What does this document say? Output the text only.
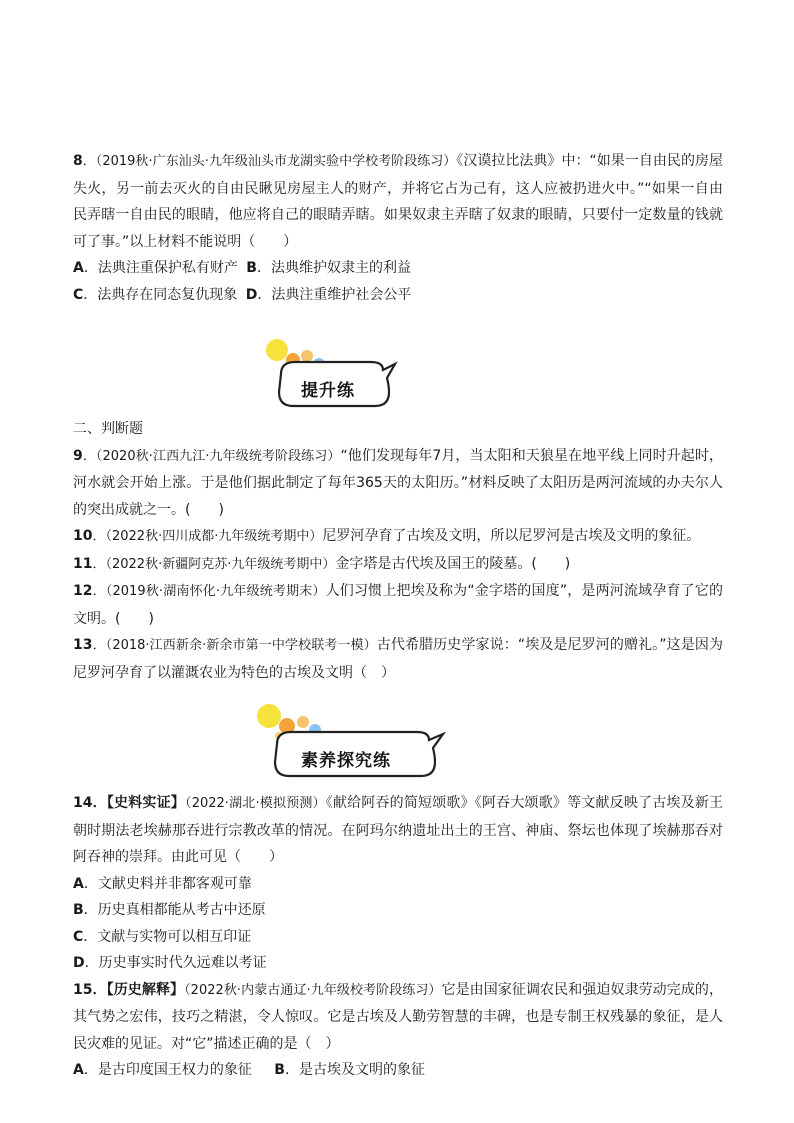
8．（2019秋·广东汕头·九年级汕头市龙湖实验中学校考阶段练习）《汉谟拉比法典》中：“如果一自由民的房屋失火，另一前去灭火的自由民瞅见房屋主人的财产，并将它占为己有，这人应被扔进火中。”“如果一自由民弄瞎一自由民的眼睛，他应将自己的眼睛弄瞎。如果奴隶主弄瞎了奴隶的眼睛，只要付一定数量的钱就可了事。”以上材料不能说明（　　）

A．法典注重保护私有财产 B．法典维护奴隶主的利益

C．法典存在同态复仇现象 D．法典注重维护社会公平

提升练

二、判断题

9．（2020秋·江西九江·九年级统考阶段练习）“他们发现每年7月，当太阳和天狼星在地平线上同时升起时，河水就会开始上涨。于是他们据此制定了每年365天的太阳历。”材料反映了太阳历是两河流域的办夫尔人的突出成就之一。(　　)

10．（2022秋·四川成都·九年级统考期中）尼罗河孕育了古埃及文明，所以尼罗河是古埃及文明的象征。

11．（2022秋·新疆阿克苏·九年级统考期中）金字塔是古代埃及国王的陵墓。(　　)

12．（2019秋·湖南怀化·九年级统考期末）人们习惯上把埃及称为“金字塔的国度”，是两河流域孕育了它的文明。(　　)

13．（2018·江西新余·新余市第一中学校联考一模）古代希腊历史学家说：“埃及是尼罗河的赠礼。”这是因为尼罗河孕育了以灌溉农业为特色的古埃及文明（　）

素养探究练

14．【史料实证】（2022·湖北·模拟预测）《献给阿吞的简短颂歌》《阿吞大颂歌》等文献反映了古埃及新王朝时期法老埃赫那吞进行宗教改革的情况。在阿玛尔纳遗址出土的王宫、神庙、祭坛也体现了埃赫那吞对阿吞神的崇拜。由此可见（　　）

A．文献史料并非都客观可靠

B．历史真相都能从考古中还原

C．文献与实物可以相互印证

D．历史事实时代久远难以考证

15．【历史解释】（2022秋·内蒙古通辽·九年级校考阶段练习）它是由国家征调农民和强迫奴隶劳动完成的，其气势之宏伟，技巧之精湛，令人惊叹。它是古埃及人勤劳智慧的丰碑，也是专制王权残暴的象征，是人民灾难的见证。对“它”描述正确的是（　）

A．是古印度国王权力的象征 B．是古埃及文明的象征
